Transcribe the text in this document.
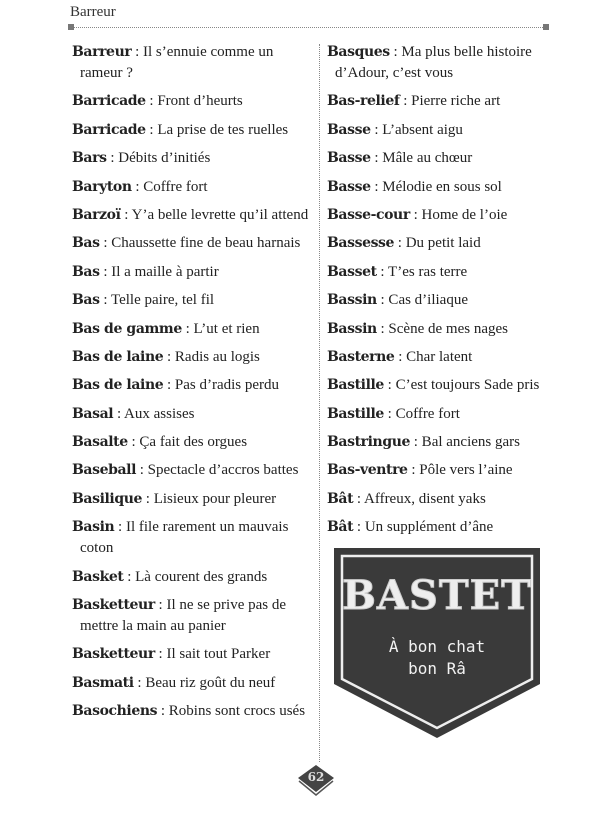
Barreur
Barreur : Il s’ennuie comme un rameur ?
Barricade : Front d’heurts
Barricade : La prise de tes ruelles
Bars : Débits d’initiés
Baryton : Coffre fort
Barzoï : Y’a belle levrette qu’il attend
Bas : Chaussette fine de beau harnais
Bas : Il a maille à partir
Bas : Telle paire, tel fil
Bas de gamme : L’ut et rien
Bas de laine : Radis au logis
Bas de laine : Pas d’radis perdu
Basal : Aux assises
Basalte : Ça fait des orgues
Baseball : Spectacle d’accros battes
Basilique : Lisieux pour pleurer
Basin : Il file rarement un mauvais coton
Basket : Là courent des grands
Basketteur : Il ne se prive pas de mettre la main au panier
Basketteur : Il sait tout Parker
Basmati : Beau riz goût du neuf
Basochiens : Robins sont crocs usés
Basques : Ma plus belle histoire d’Adour, c’est vous
Bas-relief : Pierre riche art
Basse : L’absent aigu
Basse : Mâle au chœur
Basse : Mélodie en sous sol
Basse-cour : Home de l’oie
Bassesse : Du petit laid
Basset : T’es ras terre
Bassin : Cas d’iliaque
Bassin : Scène de mes nages
Basterne : Char latent
Bastille : C’est toujours Sade pris
Bastille : Coffre fort
Bastringue : Bal anciens gars
Bas-ventre : Pôle vers l’aine
Bât : Affreux, disent yaks
Bât : Un supplément d’âne
BASTET
À bon chat
bon Râ
62
